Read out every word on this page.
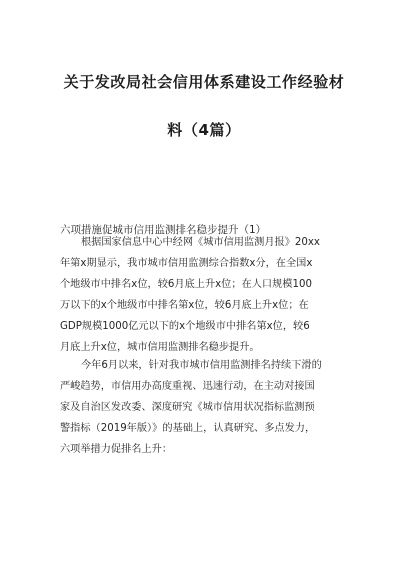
关于发改局社会信用体系建设工作经验材
料（4篇）
六项措施促城市信用监测排名稳步提升（1）
根据国家信息中心中经网《城市信用监测月报》20xx
年第x期显示，我市城市信用监测综合指数x分，在全国x
个地级市中排名x位，较6月底上升x位；在人口规模100
万以下的x个地级市中排名第x位，较6月底上升x位；在
GDP规模1000亿元以下的x个地级市中排名第x位，较6
月底上升x位，城市信用监测排名稳步提升。
今年6月以来，针对我市城市信用监测排名持续下滑的
严峻趋势，市信用办高度重视、迅速行动，在主动对接国
家及自治区发改委、深度研究《城市信用状况指标监测预
警指标（2019年版）》的基础上，认真研究、多点发力，
六项举措力促排名上升：
